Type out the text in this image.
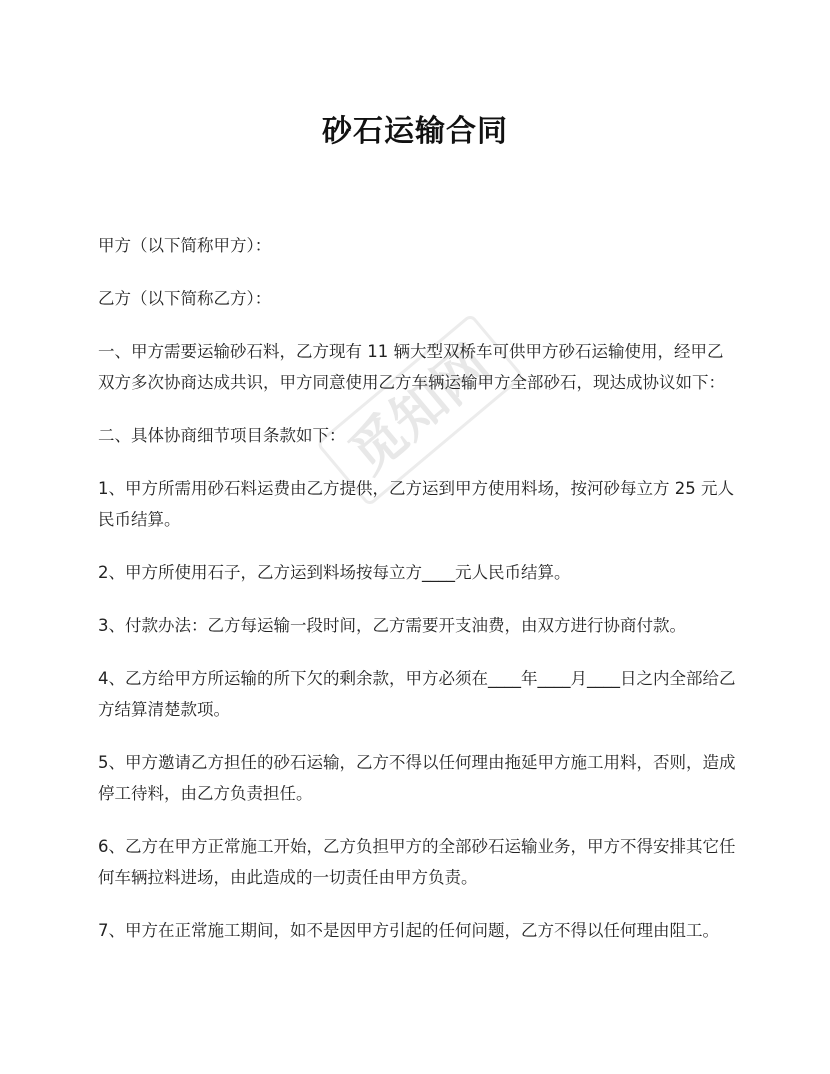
觅知网
砂石运输合同

甲方（以下简称甲方）：

乙方（以下简称乙方）：

一、甲方需要运输砂石料，乙方现有 11 辆大型双桥车可供甲方砂石运输使用，经甲乙双方多次协商达成共识，甲方同意使用乙方车辆运输甲方全部砂石，现达成协议如下：

二、具体协商细节项目条款如下：

1、甲方所需用砂石料运费由乙方提供，乙方运到甲方使用料场，按河砂每立方 25 元人民币结算。

2、甲方所使用石子，乙方运到料场按每立方____元人民币结算。

3、付款办法：乙方每运输一段时间，乙方需要开支油费，由双方进行协商付款。

4、乙方给甲方所运输的所下欠的剩余款，甲方必须在____年____月____日之内全部给乙方结算清楚款项。

5、甲方邀请乙方担任的砂石运输，乙方不得以任何理由拖延甲方施工用料，否则，造成停工待料，由乙方负责担任。

6、乙方在甲方正常施工开始，乙方负担甲方的全部砂石运输业务，甲方不得安排其它任何车辆拉料进场，由此造成的一切责任由甲方负责。

7、甲方在正常施工期间，如不是因甲方引起的任何问题，乙方不得以任何理由阻工。
